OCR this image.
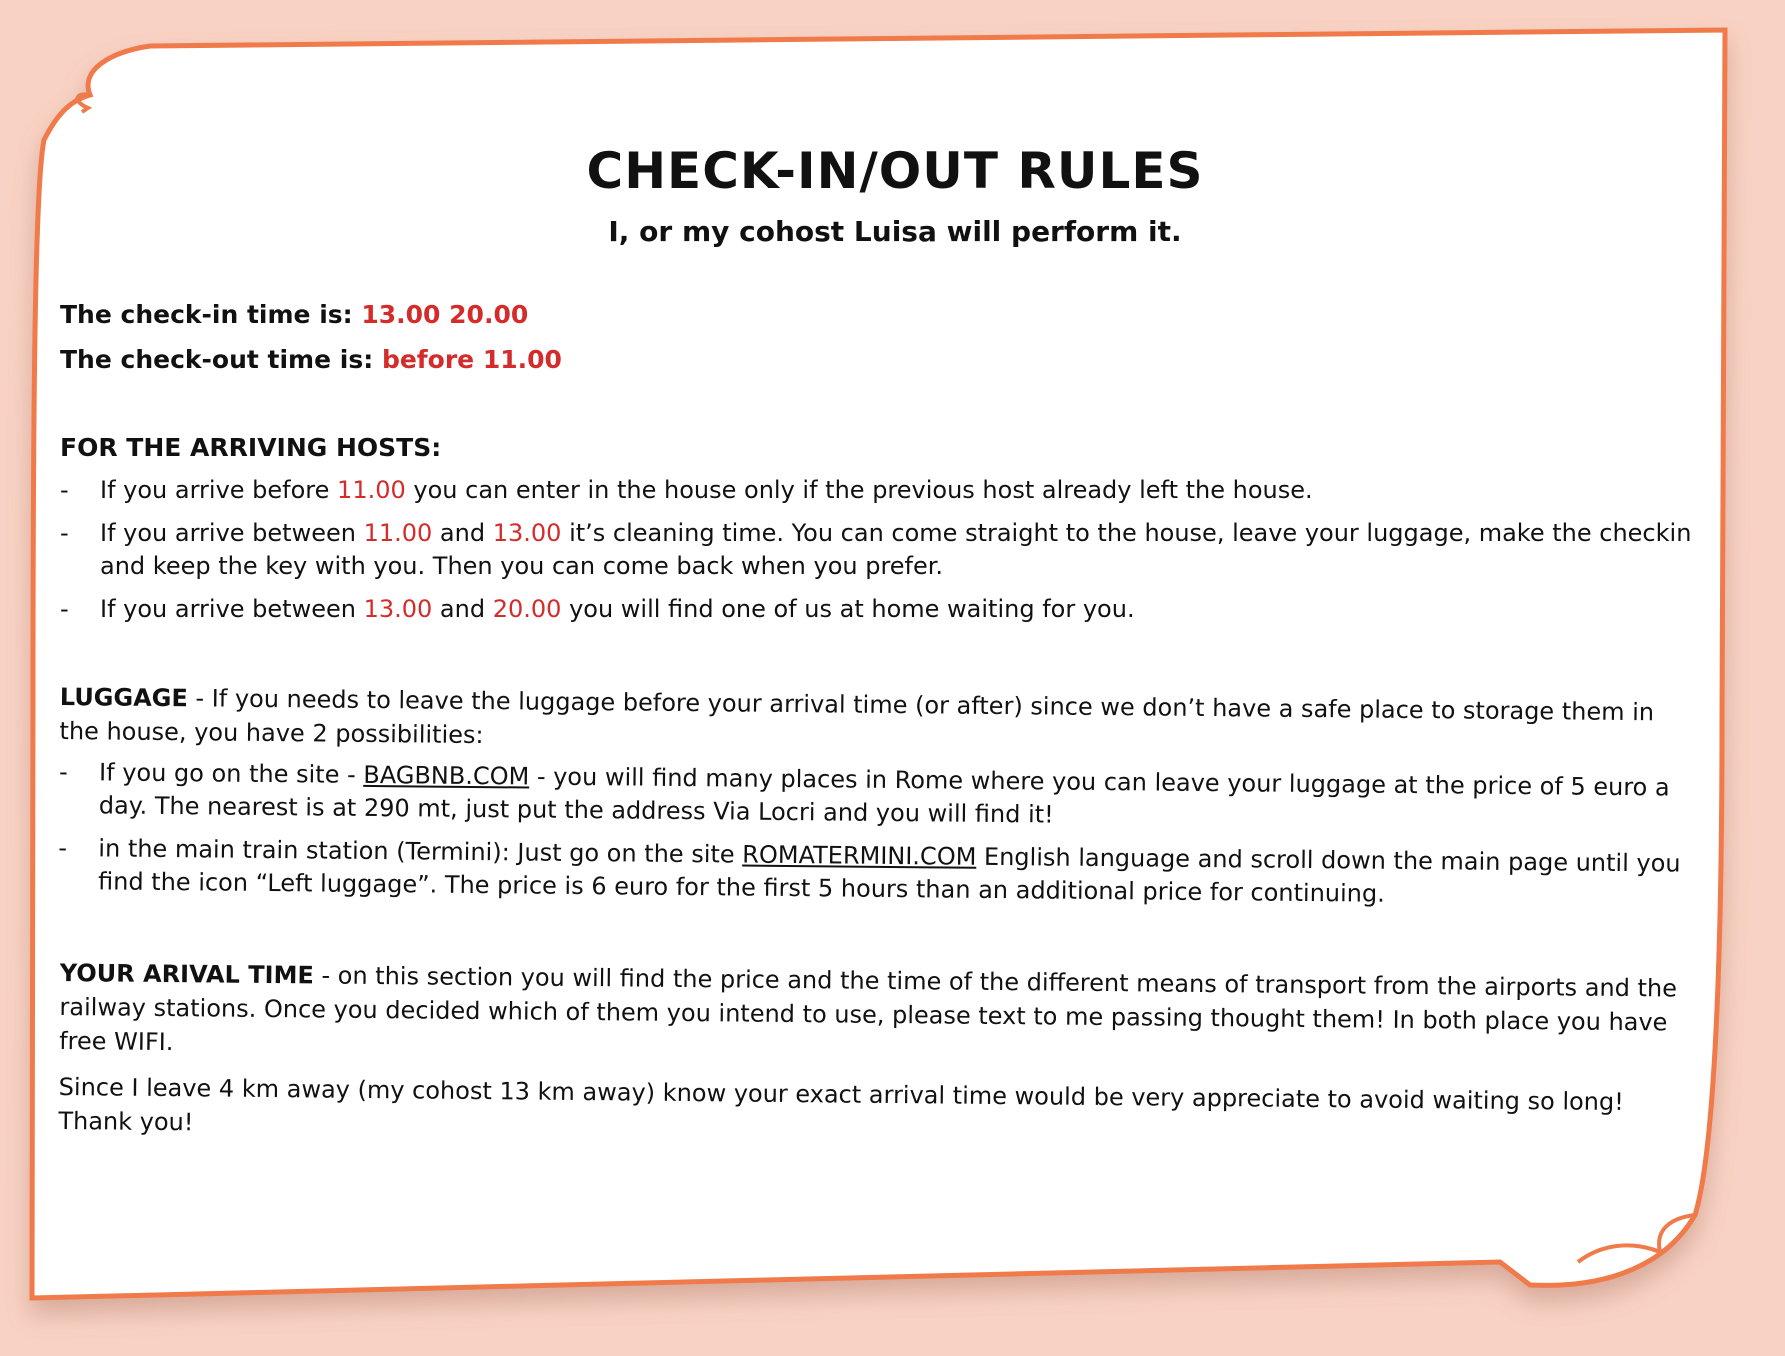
CHECK-IN/OUT RULES

I, or my cohost Luisa will perform it.

The check-in time is: 13.00 20.00

The check-out time is: before 11.00

FOR THE ARRIVING HOSTS:

- If you arrive before 11.00 you can enter in the house only if the previous host already left the house.
- If you arrive between 11.00 and 13.00 it’s cleaning time. You can come straight to the house, leave your luggage, make the checkin and keep the key with you. Then you can come back when you prefer.
- If you arrive between 13.00 and 20.00 you will find one of us at home waiting for you.

LUGGAGE - If you needs to leave the luggage before your arrival time (or after) since we don’t have a safe place to storage them in the house, you have 2 possibilities:

- If you go on the site - BAGBNB.COM - you will find many places in Rome where you can leave your luggage at the price of 5 euro a day. The nearest is at 290 mt, just put the address Via Locri and you will find it!
- in the main train station (Termini): Just go on the site ROMATERMINI.COM English language and scroll down the main page until you find the icon “Left luggage”. The price is 6 euro for the first 5 hours than an additional price for continuing.

YOUR ARIVAL TIME - on this section you will find the price and the time of the different means of transport from the airports and the railway stations. Once you decided which of them you intend to use, please text to me passing thought them! In both place you have free WIFI.

Since I leave 4 km away (my cohost 13 km away) know your exact arrival time would be very appreciate to avoid waiting so long! Thank you!
